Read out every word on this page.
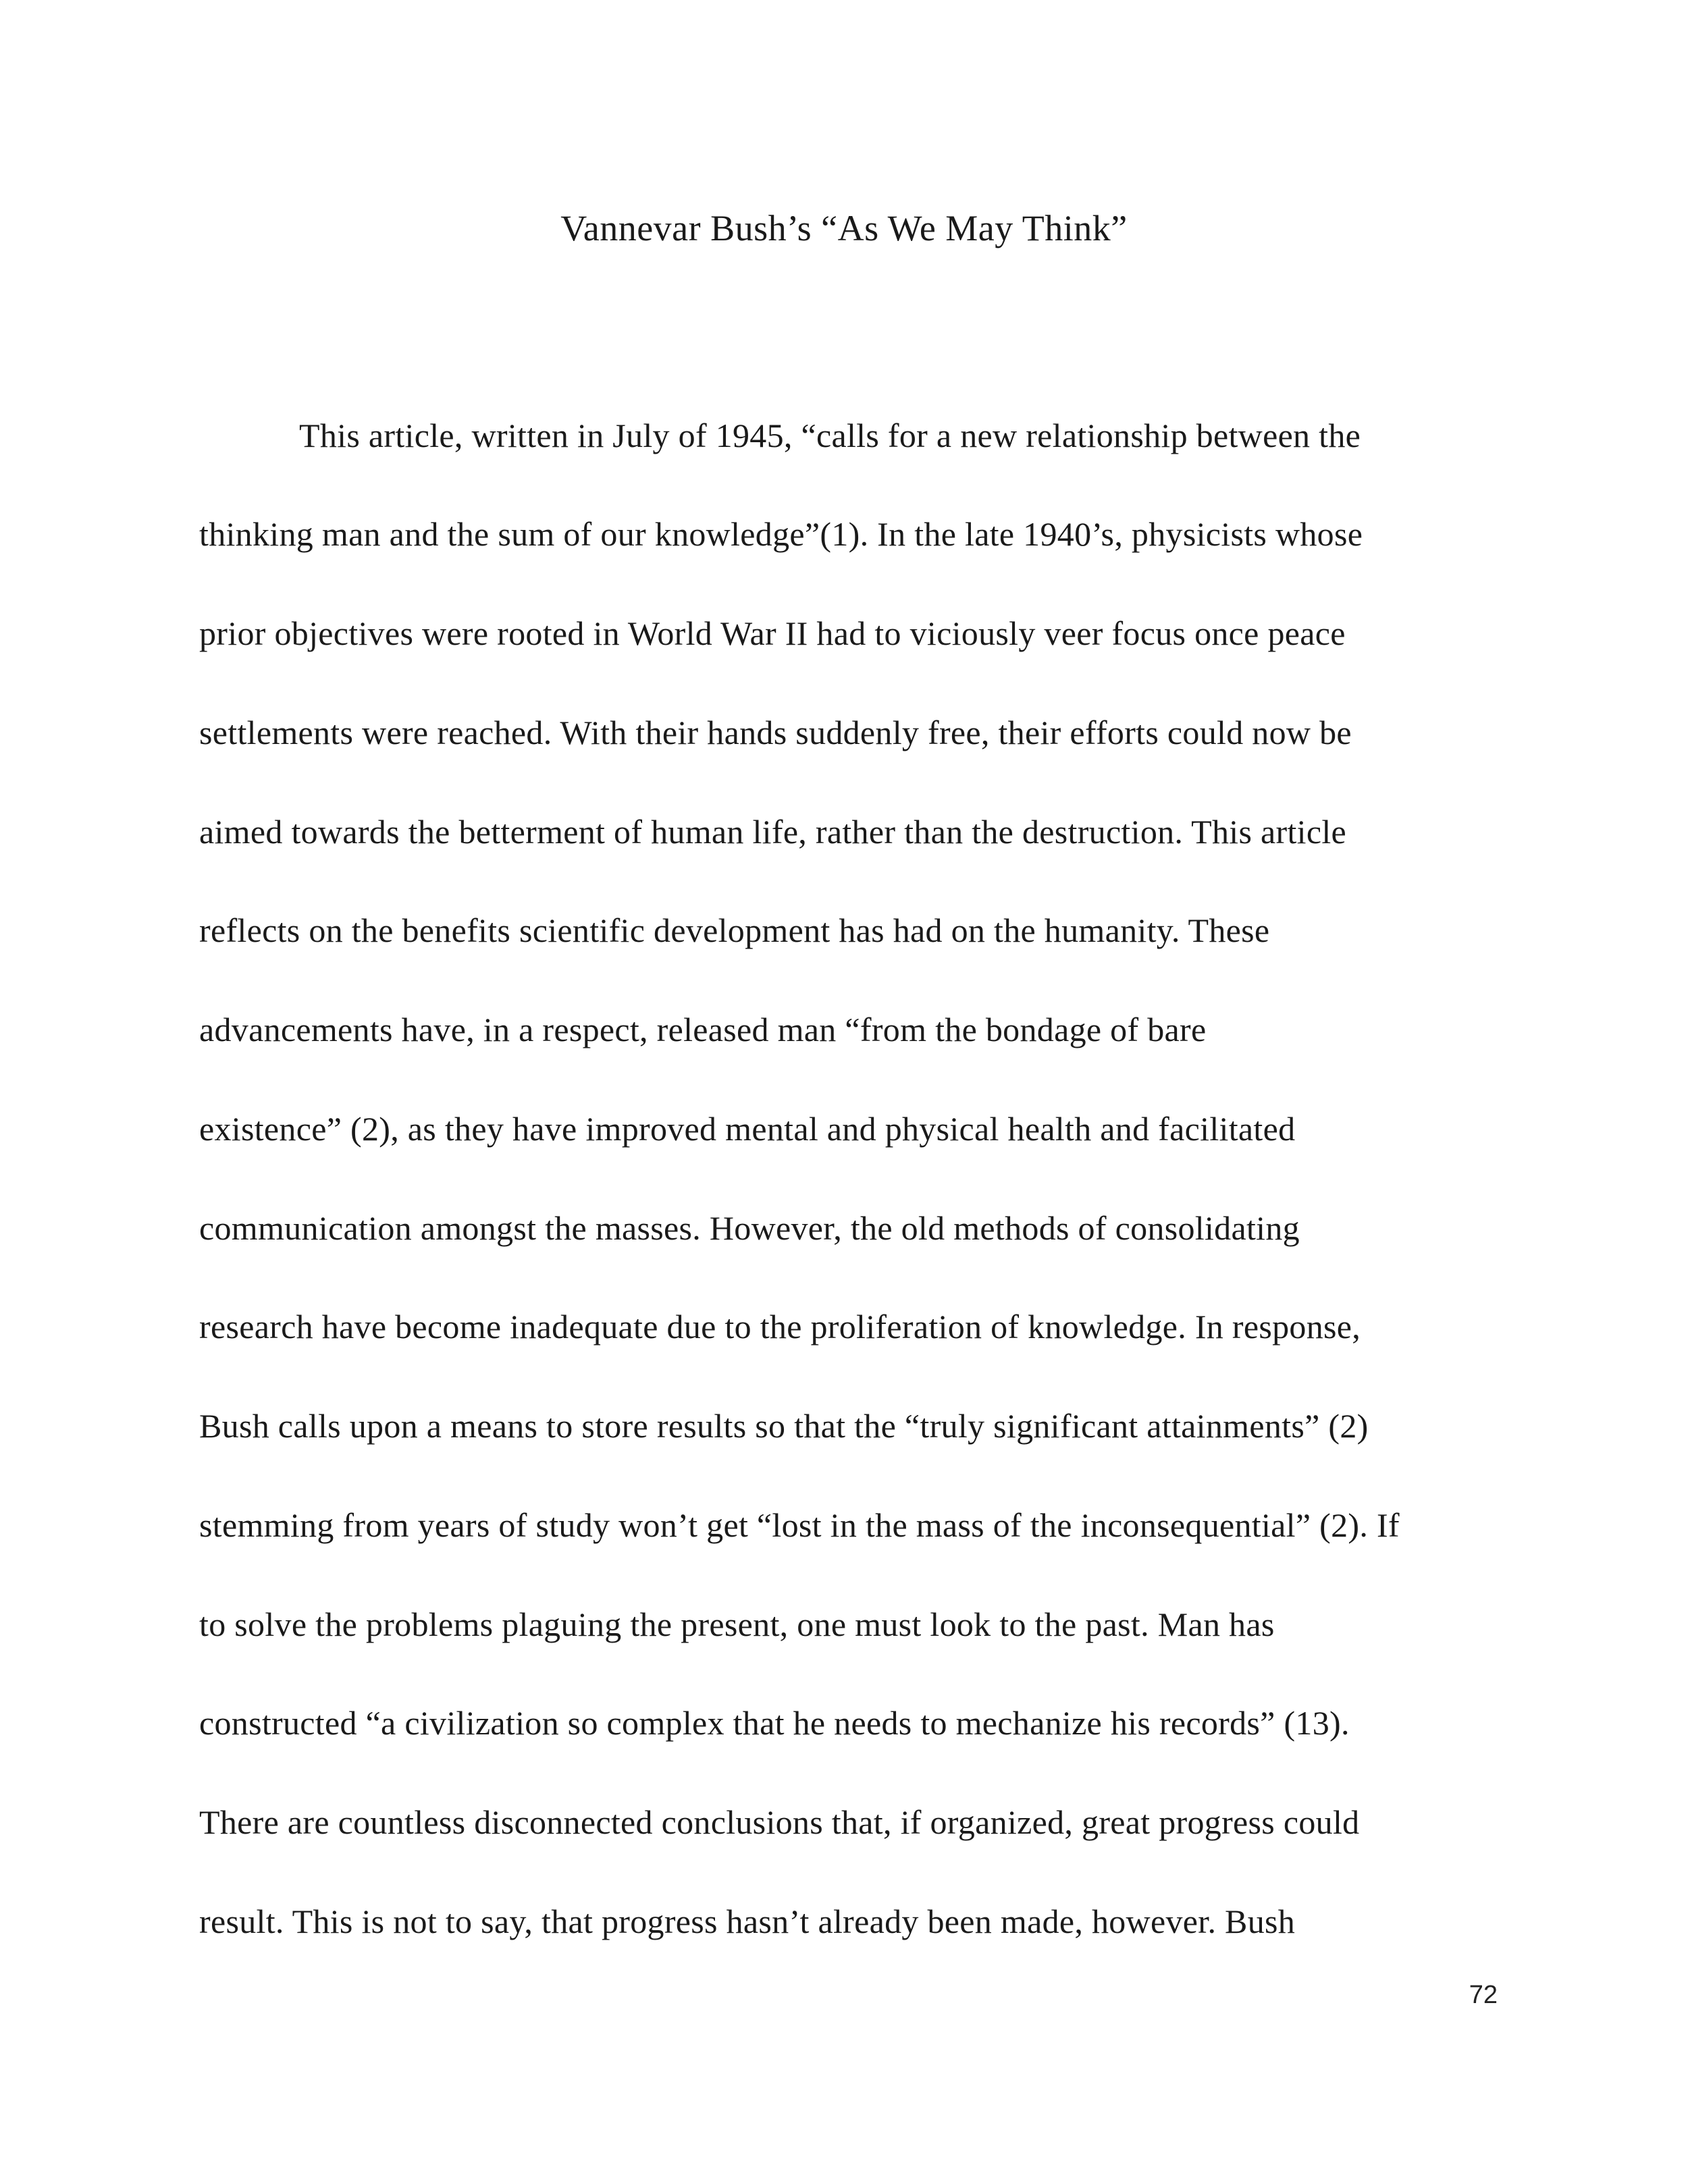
Vannevar Bush’s “As We May Think”

This article, written in July of 1945, “calls for a new relationship between the

thinking man and the sum of our knowledge”(1). In the late 1940’s, physicists whose

prior objectives were rooted in World War II had to viciously veer focus once peace

settlements were reached. With their hands suddenly free, their efforts could now be

aimed towards the betterment of human life, rather than the destruction. This article

reflects on the benefits scientific development has had on the humanity. These

advancements have, in a respect, released man “from the bondage of bare

existence” (2), as they have improved mental and physical health and facilitated

communication amongst the masses. However, the old methods of consolidating

research have become inadequate due to the proliferation of knowledge. In response,

Bush calls upon a means to store results so that the “truly significant attainments” (2)

stemming from years of study won’t get “lost in the mass of the inconsequential” (2). If

to solve the problems plaguing the present, one must look to the past. Man has

constructed “a civilization so complex that he needs to mechanize his records” (13).

There are countless disconnected conclusions that, if organized, great progress could

result. This is not to say, that progress hasn’t already been made, however. Bush

72
